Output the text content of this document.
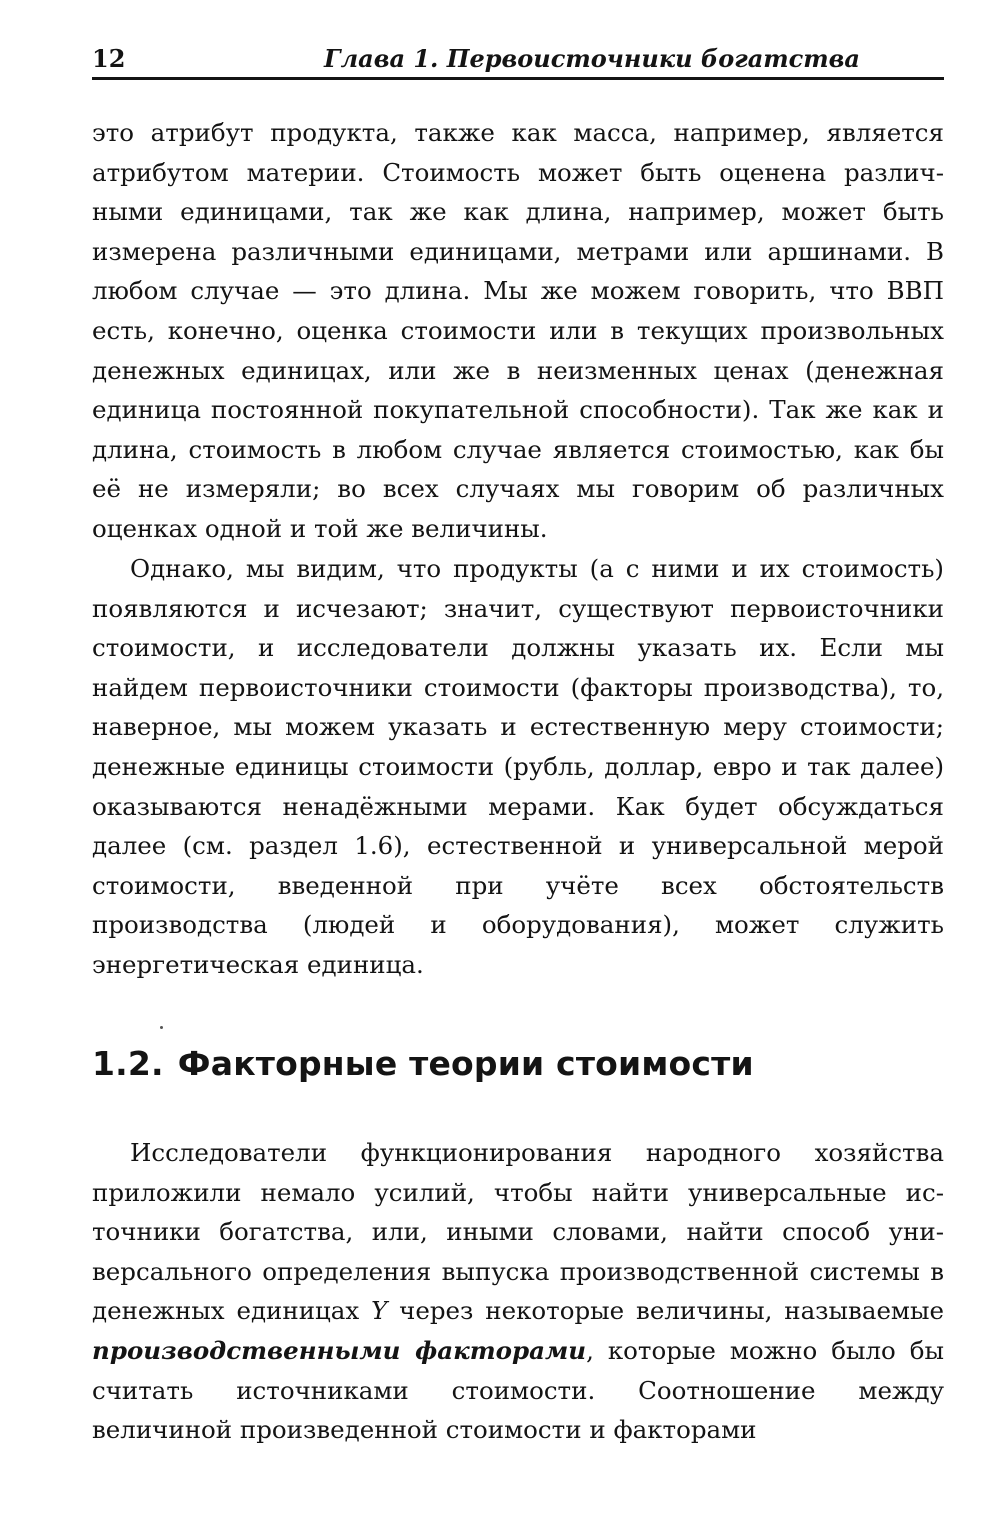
12	Глава 1. Первоисточники богатства

это атрибут продукта, также как масса, например, является атрибутом материи. Стоимость может быть оценена различными единицами, так же как длина, например, может быть измерена различными единицами, метрами или аршинами. В любом случае — это длина. Мы же можем говорить, что ВВП есть, конечно, оценка стоимости или в текущих произвольных денежных единицах, или же в неизменных ценах (денежная единица постоянной покупательной способности). Так же как и длина, стоимость в любом случае является стоимостью, как бы её не измеряли; во всех случаях мы говорим об различных оценках одной и той же величины.

Однако, мы видим, что продукты (а с ними и их стоимость) появляются и исчезают; значит, существуют первоисточники стоимости, и исследователи должны указать их. Если мы найдем первоисточники стоимости (факторы производства), то, наверное, мы можем указать и естественную меру стоимости; денежные единицы стоимости (рубль, доллар, евро и так далее) оказываются ненадёжными мерами. Как будет обсуждаться далее (см. раздел 1.6), естественной и универсальной мерой стоимости, введенной при учёте всех обстоятельств производства (людей и оборудования), может служить энергетическая единица.

1.2. Факторные теории стоимости

Исследователи функционирования народного хозяйства приложили немало усилий, чтобы найти универсальные источники богатства, или, иными словами, найти способ универсального определения выпуска производственной системы в денежных единицах Y через некоторые величины, называемые производственными факторами, которые можно было бы считать источниками стоимости. Соотношение между величиной произведенной стоимости и факторами
